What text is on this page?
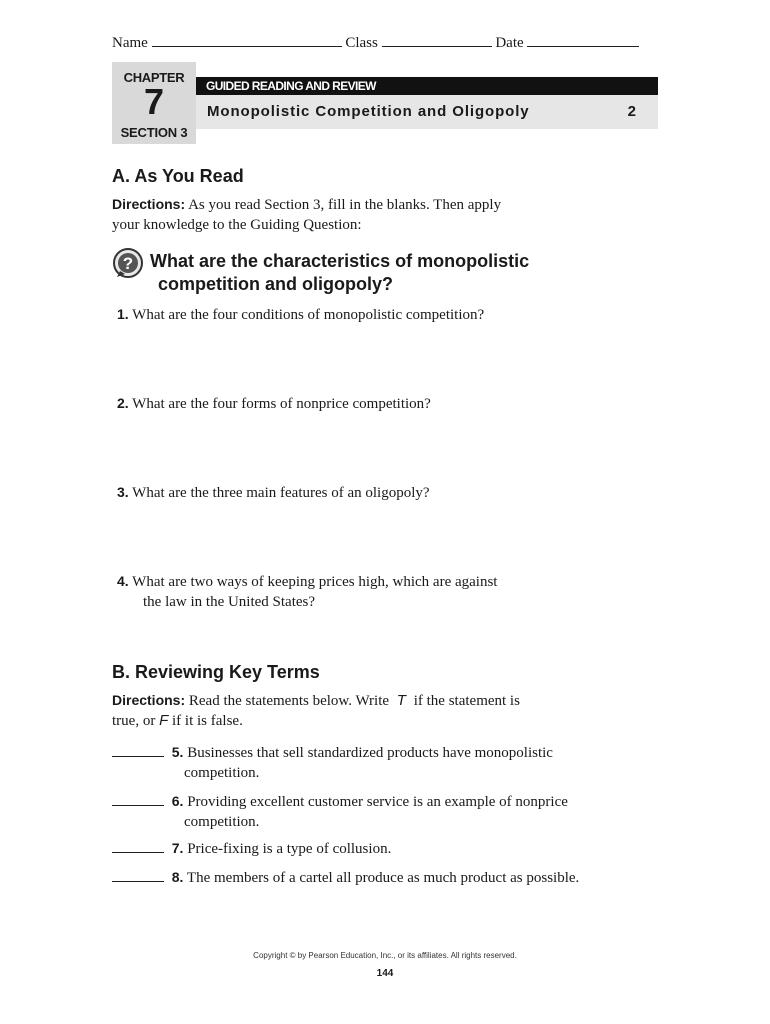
Name	Class	Date
CHAPTER
7
SECTION 3
GUIDED READING AND REVIEW
Monopolistic Competition and Oligopoly	2
A. As You Read
Directions: As you read Section 3, fill in the blanks. Then apply
your knowledge to the Guiding Question:
? What are the characteristics of monopolistic
competition and oligopoly?
1. What are the four conditions of monopolistic competition?
2. What are the four forms of nonprice competition?
3. What are the three main features of an oligopoly?
4. What are two ways of keeping prices high, which are against
the law in the United States?
B. Reviewing Key Terms
Directions: Read the statements below. Write T if the statement is
true, or F if it is false.
5. Businesses that sell standardized products have monopolistic
competition.
6. Providing excellent customer service is an example of nonprice
competition.
7. Price-fixing is a type of collusion.
8. The members of a cartel all produce as much product as possible.
Copyright © by Pearson Education, Inc., or its affiliates. All rights reserved.
144
